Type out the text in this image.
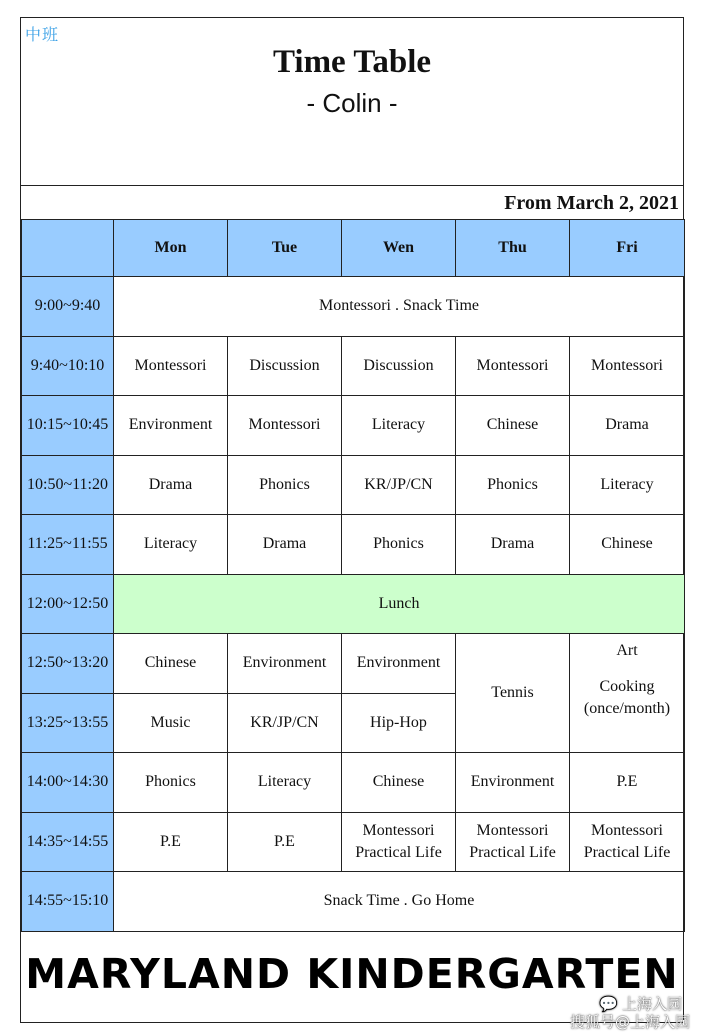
中班
Time Table
- Colin -
From March 2, 2021
	Mon	Tue	Wen	Thu	Fri
9:00~9:40	Montessori . Snack Time				
9:40~10:10	Montessori	Discussion	Discussion	Montessori	Montessori
10:15~10:45	Environment	Montessori	Literacy	Chinese	Drama
10:50~11:20	Drama	Phonics	KR/JP/CN	Phonics	Literacy
11:25~11:55	Literacy	Drama	Phonics	Drama	Chinese
12:00~12:50	Lunch				
12:50~13:20	Chinese	Environment	Environment	Tennis	Art
Cooking (once/month)

13:25~13:55	Music	KR/JP/CN	Hip-Hop		
14:00~14:30	Phonics	Literacy	Chinese	Environment	P.E
14:35~14:55	P.E	P.E	Montessori Practical Life	Montessori Practical Life	Montessori Practical Life
14:55~15:10	Snack Time . Go Home				
MARYLAND KINDERGARTEN
💬 上海入园
搜狐号@上海入园
